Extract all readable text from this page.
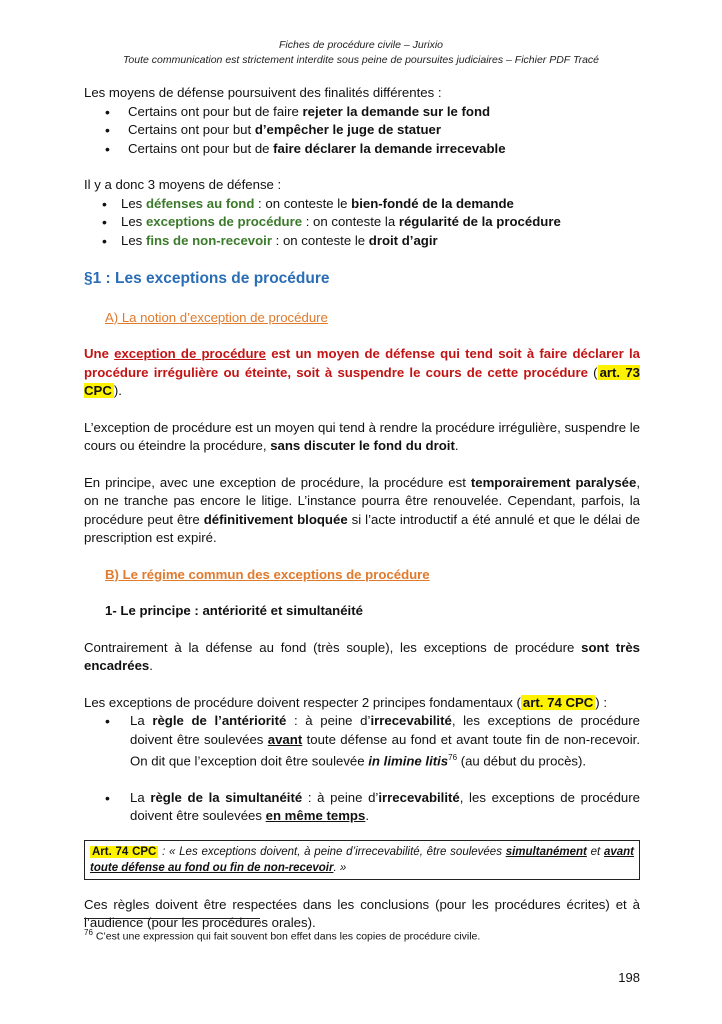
Fiches de procédure civile – Jurixio
Toute communication est strictement interdite sous peine de poursuites judiciaires – Fichier PDF Tracé

Les moyens de défense poursuivent des finalités différentes :

• Certains ont pour but de faire rejeter la demande sur le fond
• Certains ont pour but d’empêcher le juge de statuer
• Certains ont pour but de faire déclarer la demande irrecevable

Il y a donc 3 moyens de défense :

• Les défenses au fond : on conteste le bien-fondé de la demande
• Les exceptions de procédure : on conteste la régularité de la procédure
• Les fins de non-recevoir : on conteste le droit d’agir

§1 : Les exceptions de procédure

A) La notion d’exception de procédure

Une exception de procédure est un moyen de défense qui tend soit à faire déclarer la procédure irrégulière ou éteinte, soit à suspendre le cours de cette procédure ( art. 73 CPC ).

L’exception de procédure est un moyen qui tend à rendre la procédure irrégulière, suspendre le cours ou éteindre la procédure, sans discuter le fond du droit.

En principe, avec une exception de procédure, la procédure est temporairement paralysée, on ne tranche pas encore le litige. L’instance pourra être renouvelée. Cependant, parfois, la procédure peut être définitivement bloquée si l’acte introductif a été annulé et que le délai de prescription est expiré.

B) Le régime commun des exceptions de procédure

1- Le principe : antériorité et simultanéité

Contrairement à la défense au fond (très souple), les exceptions de procédure sont très encadrées.

Les exceptions de procédure doivent respecter 2 principes fondamentaux ( art. 74 CPC ) :

• La règle de l’antériorité : à peine d’irrecevabilité, les exceptions de procédure doivent être soulevées avant toute défense au fond et avant toute fin de non-recevoir. On dit que l’exception doit être soulevée in limine litis$^{76}$ (au début du procès).
• La règle de la simultanéité : à peine d’irrecevabilité, les exceptions de procédure doivent être soulevées en même temps.
Art. 74 CPC : « Les exceptions doivent, à peine d’irrecevabilité, être soulevées simultanément et avant toute défense au fond ou fin de non-recevoir. »

Ces règles doivent être respectées dans les conclusions (pour les procédures écrites) et à l’audience (pour les procédures orales).

$^{76}$ C’est une expression qui fait souvent bon effet dans les copies de procédure civile.
198
